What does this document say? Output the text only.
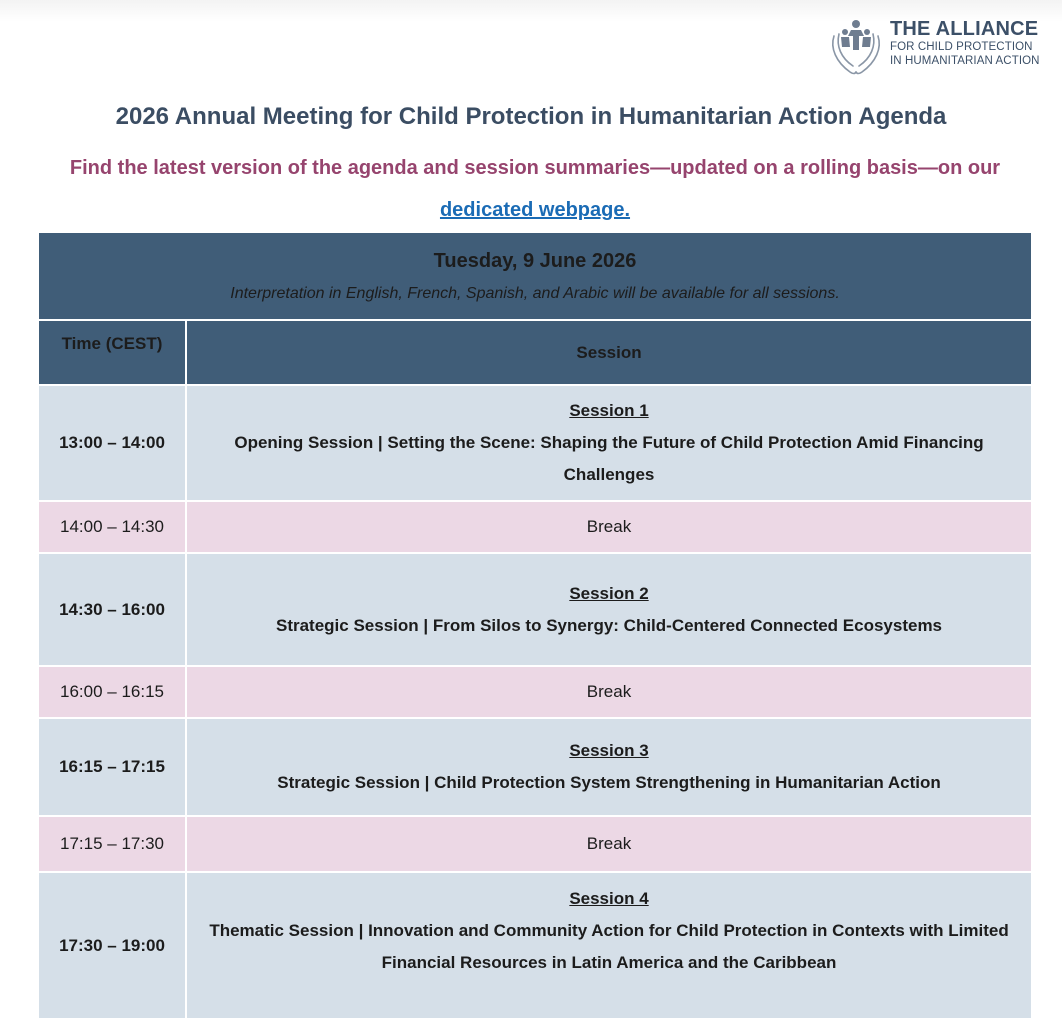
THE ALLIANCE
FOR CHILD PROTECTION
IN HUMANITARIAN ACTION
2026 Annual Meeting for Child Protection in Humanitarian Action Agenda
Find the latest version of the agenda and session summaries—updated on a rolling basis—on our dedicated webpage.
Tuesday, 9 June 2026
Interpretation in English, French, Spanish, and Arabic will be available for all sessions.	

Time (CEST)	Session
13:00 – 14:00	Session 1
Opening Session | Setting the Scene: Shaping the Future of Child Protection Amid Financing Challenges

14:00 – 14:30	Break
14:30 – 16:00	Session 2
Strategic Session | From Silos to Synergy: Child-Centered Connected Ecosystems

16:00 – 16:15	Break
16:15 – 17:15	Session 3
Strategic Session | Child Protection System Strengthening in Humanitarian Action

17:15 – 17:30	Break
17:30 – 19:00	Session 4
Thematic Session | Innovation and Community Action for Child Protection in Contexts with Limited Financial Resources in Latin America and the Caribbean
